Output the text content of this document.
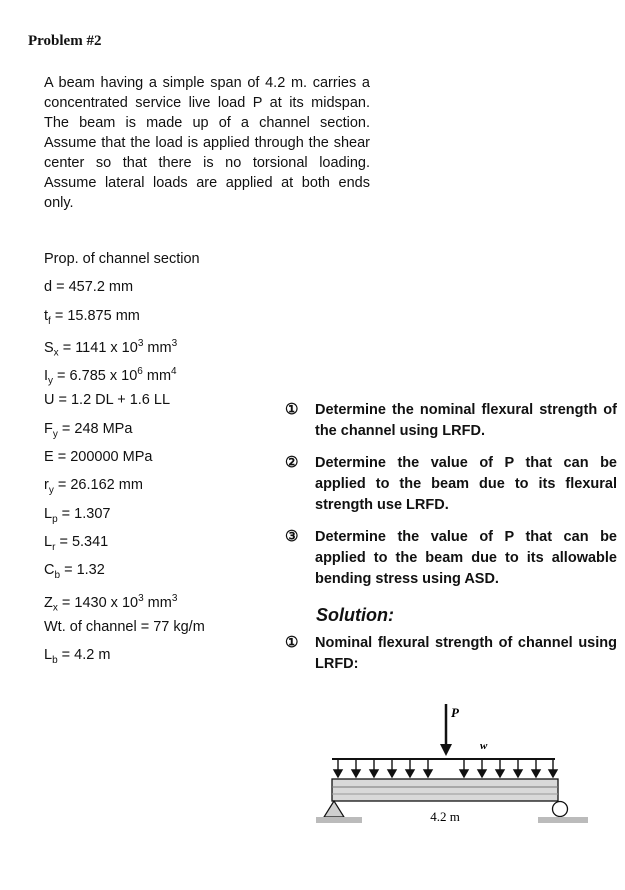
Problem #2
A beam having a simple span of 4.2 m. carries a concentrated service live load P at its midspan. The beam is made up of a channel section. Assume that the load is applied through the shear center so that there is no torsional loading. Assume lateral loads are applied at both ends only.
Prop. of channel section
d = 457.2 mm
$t_f = 15.875$ mm
$S_x = 1141$ x $10^3$ $mm^3$
$I_y = 6.785$ x $10^6$ $mm^4$
U = 1.2 DL + 1.6 LL
$F_y = 248$ MPa
E = 200000 MPa
$r_y = 26.162$ mm
$L_p = 1.307$
$L_r = 5.341$
$C_b = 1.32$
$Z_x = 1430$ x $10^3$ $mm^3$
Wt. of channel = 77 kg/m
$L_b = 4.2$ m
①	Determine the nominal flexural strength of the channel using LRFD.
②	Determine the value of P that can be applied to the beam due to its flexural strength use LRFD.
③	Determine the value of P that can be applied to the beam due to its allowable bending stress using ASD.
Solution:
①	Nominal flexural strength of channel using LRFD:
P
w
4.2 m
